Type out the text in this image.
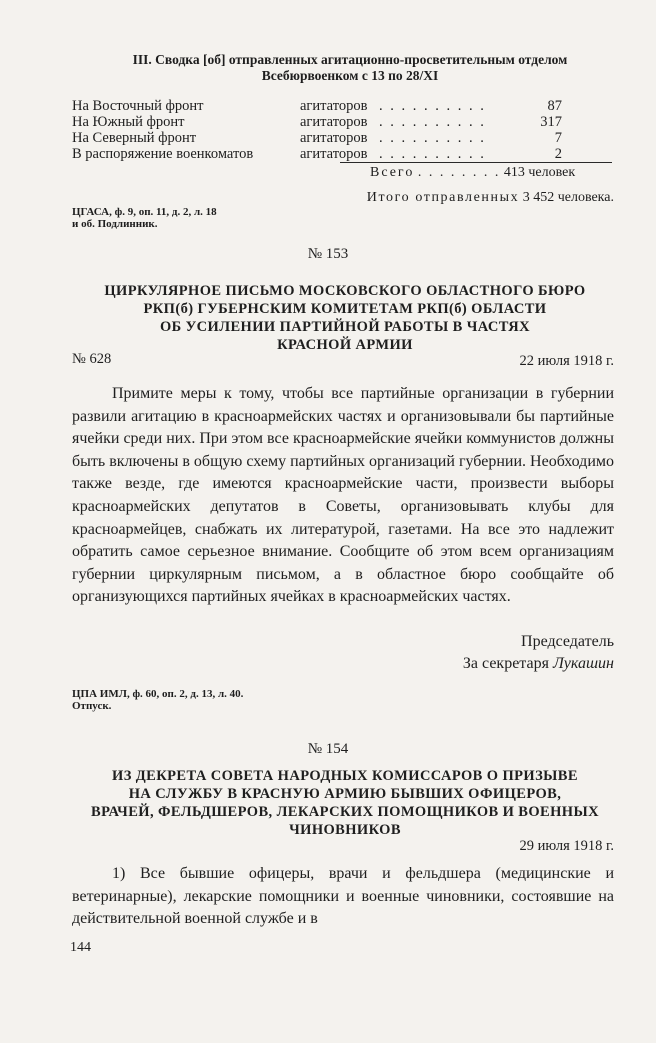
III. Сводка [об] отправленных агитационно-просветительным отделом
Всебюрвоенком с 13 по 28/XI
На Восточный фронт	агитаторов . . . . . . . . . .	87
На Южный фронт	агитаторов . . . . . . . . . .	317
На Северный фронт	агитаторов . . . . . . . . . .	7
В распоряжение военкоматов	агитаторов . . . . . . . . . .	2
Всего . . . . . . . . 413 человек
Итого отправленных 3 452 человека.
ЦГАСА, ф. 9, оп. 11, д. 2, л. 18
и об. Подлинник.
№ 153
ЦИРКУЛЯРНОЕ ПИСЬМО МОСКОВСКОГО ОБЛАСТНОГО БЮРО
РКП(б) ГУБЕРНСКИМ КОМИТЕТАМ РКП(б) ОБЛАСТИ
ОБ УСИЛЕНИИ ПАРТИЙНОЙ РАБОТЫ В ЧАСТЯХ
КРАСНОЙ АРМИИ
№ 628	22 июля 1918 г.

Примите меры к тому, чтобы все партийные организации в губернии развили агитацию в красноармейских частях и организовывали бы партийные ячейки среди них. При этом все красноармейские ячейки коммунистов должны быть включены в общую схему партийных организаций губернии. Необходимо также везде, где имеются красноармейские части, произвести выборы красноармейских депутатов в Советы, организовывать клубы для красноармейцев, снабжать их литературой, газетами. На все это надлежит обратить самое серьезное внимание. Сообщите об этом всем организациям губернии циркулярным письмом, а в областное бюро сообщайте об организующихся партийных ячейках в красноармейских частях.

Председатель
За секретаря Лукашин
ЦПА ИМЛ, ф. 60, оп. 2, д. 13, л. 40.
Отпуск.
№ 154
ИЗ ДЕКРЕТА СОВЕТА НАРОДНЫХ КОМИССАРОВ О ПРИЗЫВЕ
НА СЛУЖБУ В КРАСНУЮ АРМИЮ БЫВШИХ ОФИЦЕРОВ,
ВРАЧЕЙ, ФЕЛЬДШЕРОВ, ЛЕКАРСКИХ ПОМОЩНИКОВ И ВОЕННЫХ
ЧИНОВНИКОВ
29 июля 1918 г.

1) Все бывшие офицеры, врачи и фельдшера (медицинские и ветеринарные), лекарские помощники и военные чиновники, состоявшие на действительной военной службе и в

144
